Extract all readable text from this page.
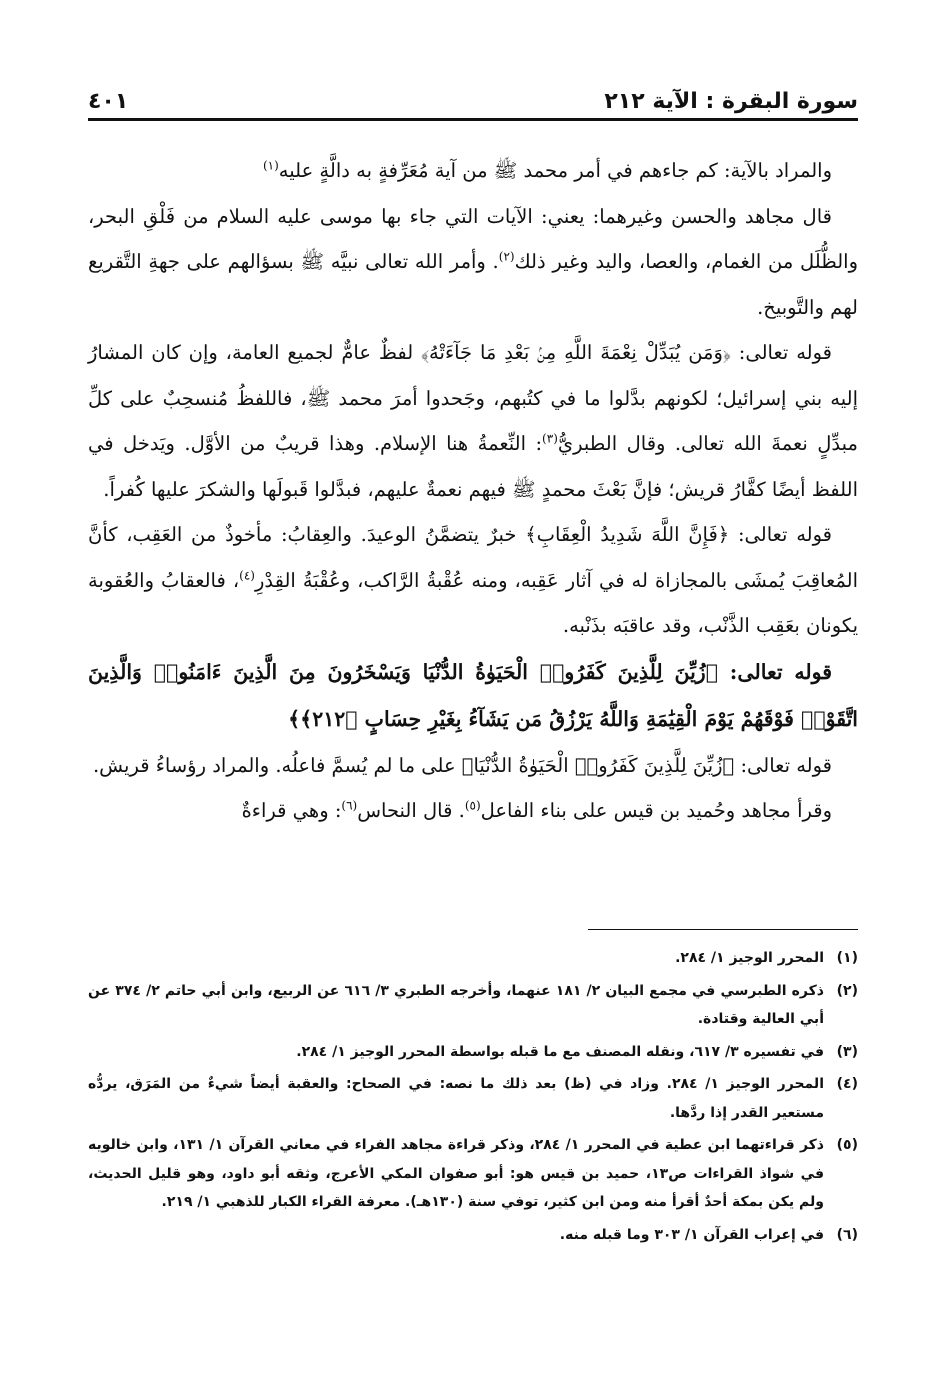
سورة البقرة : الآية ٢١٢
٤٠١

والمراد بالآية: كم جاءهم في أمر محمد ﷺ من آية مُعَرِّفةٍ به دالَّةٍ عليه$^{(١)}$

قال مجاهد والحسن وغيرهما: يعني: الآيات التي جاء بها موسى عليه السلام من فَلْقِ البحر، والظُّلَل من الغمام، والعصا، واليد وغير ذلك$^{(٢)}$. وأمر الله تعالى نبيَّه ﷺ بسؤالهم على جهةِ التَّقريع لهم والتَّوبيخ.

قوله تعالى: ﴿وَمَن يُبَدِّلْ نِعْمَةَ اللَّهِ مِنۢ بَعْدِ مَا جَآءَتْهُ﴾ لفظٌ عامٌّ لجميع العامة، وإن كان المشارُ إليه بني إسرائيل؛ لكونهم بدَّلوا ما في كتُبهم، وجَحدوا أمرَ محمد ﷺ، فاللفظُ مُنسحِبٌ على كلِّ مبدِّلٍ نعمةَ الله تعالى. وقال الطبريُّ$^{(٣)}$: النِّعمةُ هنا الإسلام. وهذا قريبٌ من الأوَّل. ويَدخل في اللفظ أيضًا كفَّارُ قريش؛ فإنَّ بَعْثَ محمدٍ ﷺ فيهم نعمةٌ عليهم، فبدَّلوا قَبولَها والشكرَ عليها كُفراً.

قوله تعالى: ﴿فَإِنَّ اللَّهَ شَدِيدُ الْعِقَابِ﴾ خبرٌ يتضمَّنُ الوعيدَ. والعِقابُ: مأخوذٌ من العَقِب، كأنَّ المُعاقِبَ يُمشَى بالمجازاة له في آثار عَقِبه، ومنه عُقْبةُ الرَّاكب، وعُقْبَةُ القِدْرِ$^{(٤)}$، فالعقابُ والعُقوبة يكونان بعَقِب الذَّنْب، وقد عاقبَه بذَنْبه.

قوله تعالى: ﴿زُيِّنَ لِلَّذِينَ كَفَرُوا۟ الْحَيَوٰةُ الدُّنْيَا وَيَسْخَرُونَ مِنَ الَّذِينَ ءَامَنُوا۟ وَالَّذِينَ اتَّقَوْا۟ فَوْقَهُمْ يَوْمَ الْقِيَٰمَةِ وَاللَّهُ يَرْزُقُ مَن يَشَآءُ بِغَيْرِ حِسَابٍ ﴿٢١٢﴾﴾

قوله تعالى: ﴿زُيِّنَ لِلَّذِينَ كَفَرُوا۟ الْحَيَوٰةُ الدُّنْيَا﴾ على ما لم يُسمَّ فاعلُه. والمراد رؤساءُ قريش.

وقرأ مجاهد وحُميد بن قيس على بناء الفاعل$^{(٥)}$. قال النحاس$^{(٦)}$: وهي قراءةٌ

(١)
المحرر الوجيز ١/ ٢٨٤.
(٢)
ذكره الطبرسي في مجمع البيان ٢/ ١٨١ عنهما، وأخرجه الطبري ٣/ ٦١٦ عن الربيع، وابن أبي حاتم ٢/ ٣٧٤ عن أبي العالية وقتادة.
(٣)
في تفسيره ٣/ ٦١٧، ونقله المصنف مع ما قبله بواسطة المحرر الوجيز ١/ ٢٨٤.
(٤)
المحرر الوجيز ١/ ٢٨٤. وزاد في (ظ) بعد ذلك ما نصه: في الصحاح: والعقبة أيضاً شيءٌ من المَرَق، يردُّه مستعير القدر إذا ردَّها.
(٥)
ذكر قراءتهما ابن عطية في المحرر ١/ ٢٨٤، وذكر قراءة مجاهد الفراء في معاني القرآن ١/ ١٣١، وابن خالويه في شواذ القراءات ص١٣، حميد بن قيس هو: أبو صفوان المكي الأعرج، وثقه أبو داود، وهو قليل الحديث، ولم يكن بمكة أحدٌ أقرأ منه ومن ابن كثير، توفي سنة (١٣٠هـ). معرفة القراء الكبار للذهبي ١/ ٢١٩.
(٦)
في إعراب القرآن ١/ ٣٠٣ وما قبله منه.
